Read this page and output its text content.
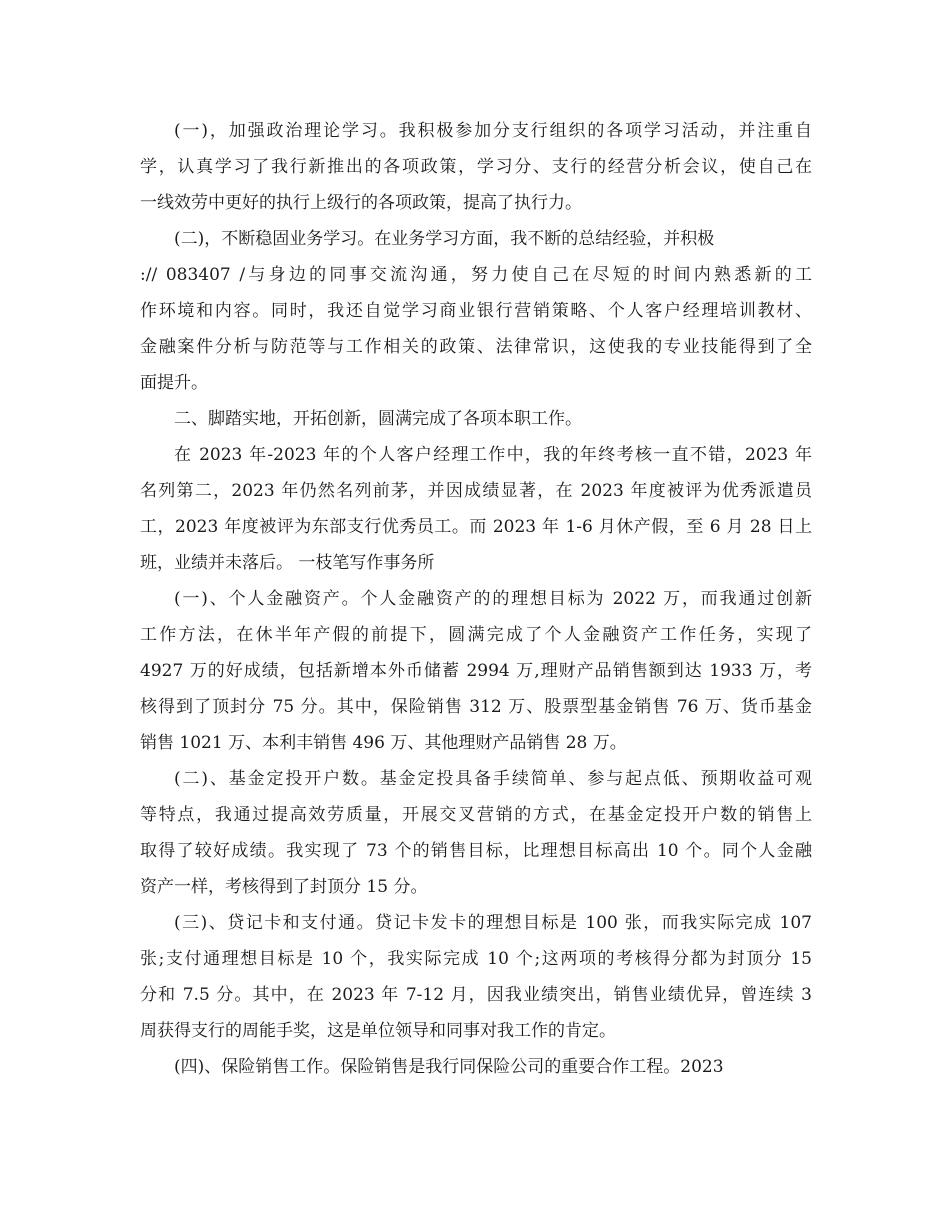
(一)，加强政治理论学习。我积极参加分支行组织的各项学习活动，并注重自
学，认真学习了我行新推出的各项政策，学习分、支行的经营分析会议，使自己在
一线效劳中更好的执行上级行的各项政策，提高了执行力。
(二)，不断稳固业务学习。在业务学习方面，我不断的总结经验，并积极
:// 083407 /与身边的同事交流沟通，努力使自己在尽短的时间内熟悉新的工
作环境和内容。同时，我还自觉学习商业银行营销策略、个人客户经理培训教材、
金融案件分析与防范等与工作相关的政策、法律常识，这使我的专业技能得到了全
面提升。
二、脚踏实地，开拓创新，圆满完成了各项本职工作。
在 2023 年-2023 年的个人客户经理工作中，我的年终考核一直不错，2023 年
名列第二，2023 年仍然名列前茅，并因成绩显著，在 2023 年度被评为优秀派遣员
工，2023 年度被评为东部支行优秀员工。而 2023 年 1-6 月休产假，至 6 月 28 日上
班，业绩并未落后。 一枝笔写作事务所
(一)、个人金融资产。个人金融资产的的理想目标为 2022 万，而我通过创新
工作方法，在休半年产假的前提下，圆满完成了个人金融资产工作任务，实现了
4927 万的好成绩，包括新增本外币储蓄 2994 万,理财产品销售额到达 1933 万，考
核得到了顶封分 75 分。其中，保险销售 312 万、股票型基金销售 76 万、货币基金
销售 1021 万、本利丰销售 496 万、其他理财产品销售 28 万。
(二)、基金定投开户数。基金定投具备手续简单、参与起点低、预期收益可观
等特点，我通过提高效劳质量，开展交叉营销的方式，在基金定投开户数的销售上
取得了较好成绩。我实现了 73 个的销售目标，比理想目标高出 10 个。同个人金融
资产一样，考核得到了封顶分 15 分。
(三)、贷记卡和支付通。贷记卡发卡的理想目标是 100 张，而我实际完成 107
张;支付通理想目标是 10 个，我实际完成 10 个;这两项的考核得分都为封顶分 15
分和 7.5 分。其中，在 2023 年 7-12 月，因我业绩突出，销售业绩优异，曾连续 3
周获得支行的周能手奖，这是单位领导和同事对我工作的肯定。
(四)、保险销售工作。保险销售是我行同保险公司的重要合作工程。2023
